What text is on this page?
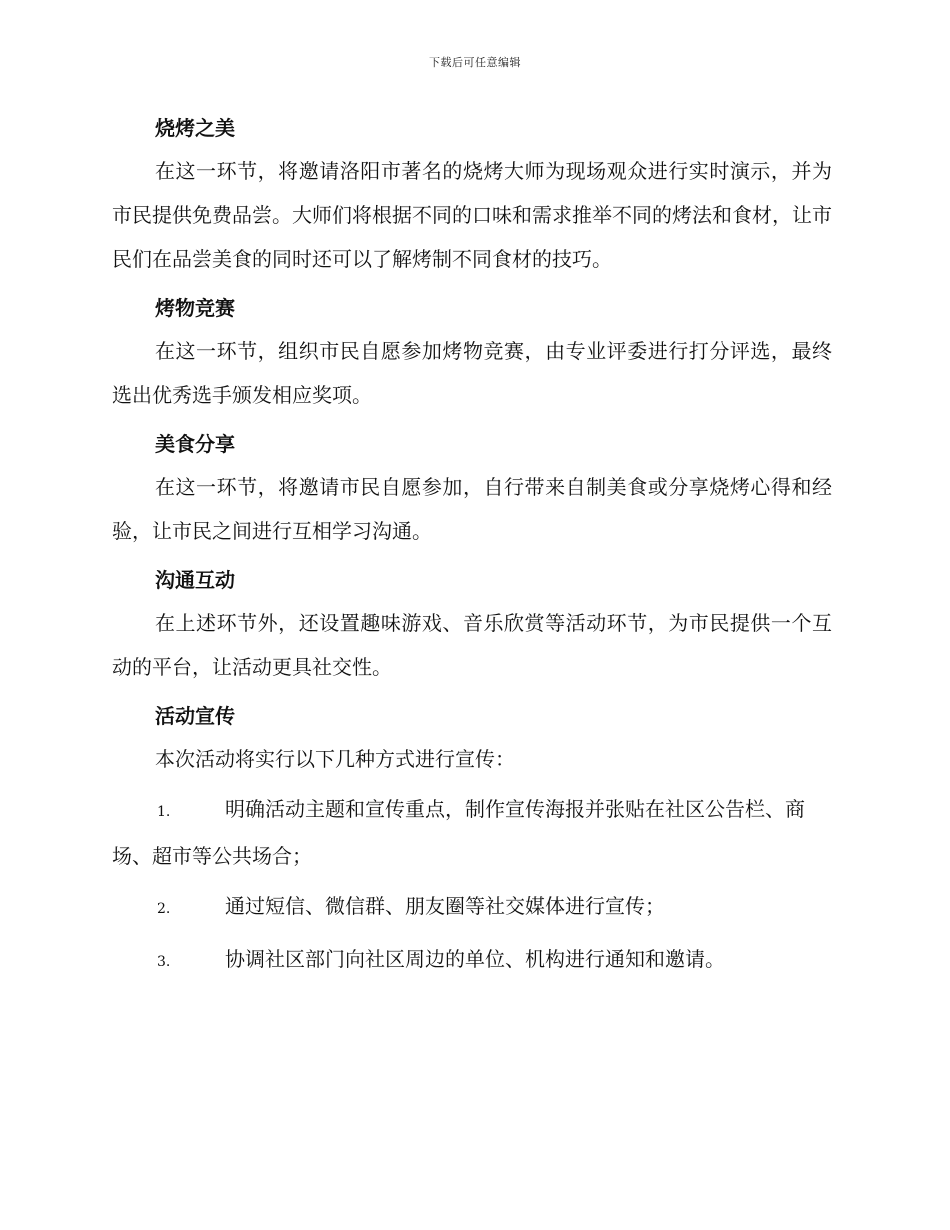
下载后可任意编辑
烧烤之美

在这一环节，将邀请洛阳市著名的烧烤大师为现场观众进行实时演示，并为市民提供免费品尝。大师们将根据不同的口味和需求推举不同的烤法和食材，让市民们在品尝美食的同时还可以了解烤制不同食材的技巧。

烤物竞赛

在这一环节，组织市民自愿参加烤物竞赛，由专业评委进行打分评选，最终选出优秀选手颁发相应奖项。

美食分享

在这一环节，将邀请市民自愿参加，自行带来自制美食或分享烧烤心得和经验，让市民之间进行互相学习沟通。

沟通互动

在上述环节外，还设置趣味游戏、音乐欣赏等活动环节，为市民提供一个互动的平台，让活动更具社交性。

活动宣传

本次活动将实行以下几种方式进行宣传：

1.	明确活动主题和宣传重点，制作宣传海报并张贴在社区公告栏、商场、超市等公共场合；
2.	通过短信、微信群、朋友圈等社交媒体进行宣传；
3.	协调社区部门向社区周边的单位、机构进行通知和邀请。
